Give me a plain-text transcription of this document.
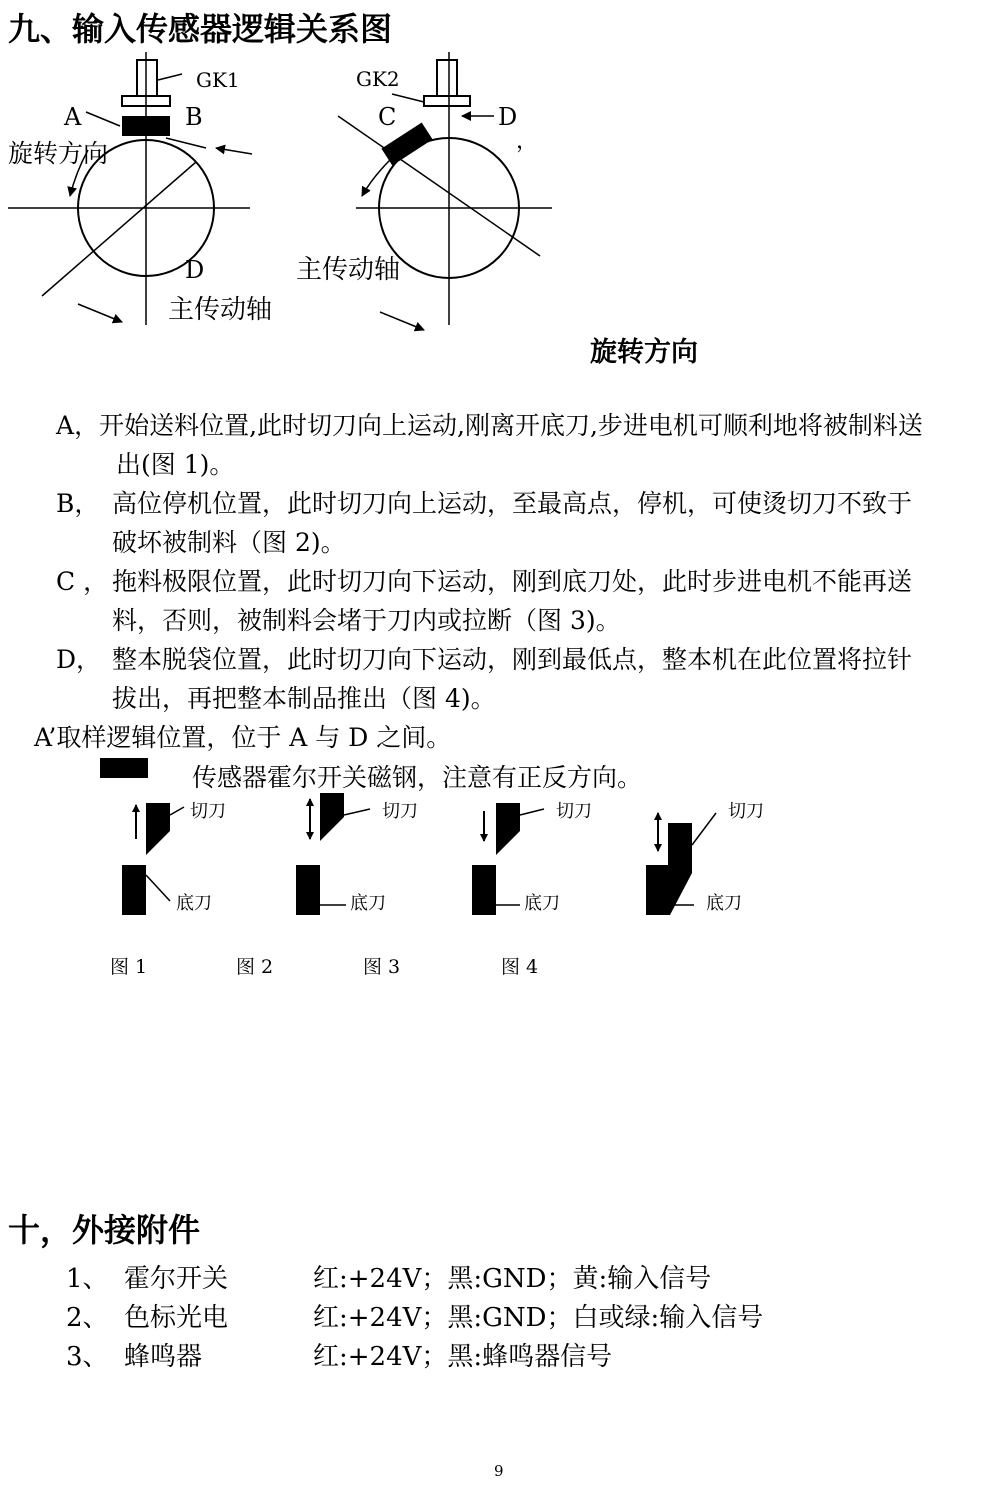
九、输入传感器逻辑关系图
GK1
A	B
D
旋转方向
主传动轴
GK2
C	D
，
主传动轴
旋转方向
A，开始送料位置,此时切刀向上运动,刚离开底刀,步进电机可顺利地将被制料送
出(图 1)。
B， 高位停机位置，此时切刀向上运动，至最高点，停机，可使烫切刀不致于
破坏被制料（图 2)。
C ， 拖料极限位置，此时切刀向下运动，刚到底刀处，此时步进电机不能再送
料，否则，被制料会堵于刀内或拉断（图 3)。
D， 整本脱袋位置，此时切刀向下运动，刚到最低点，整本机在此位置将拉针
拔出，再把整本制品推出（图 4)。
A’取样逻辑位置，位于 A 与 D 之间。
传感器霍尔开关磁钢，注意有正反方向。
切刀
底刀
切刀
底刀
切刀
底刀
切刀
底刀
图 1	图 2	图 3	图 4
十，外接附件
1、 霍尔开关	红:+24V；黑:GND；黄:输入信号
2、 色标光电	红:+24V；黑:GND；白或绿:输入信号
3、 蜂鸣器	红:+24V；黑:蜂鸣器信号
9
